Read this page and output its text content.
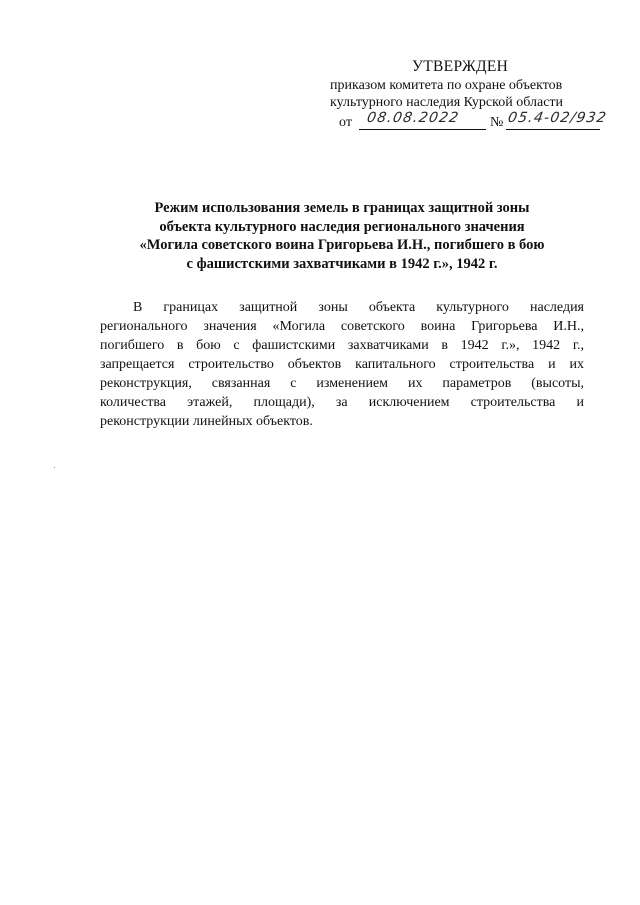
УТВЕРЖДЕН
приказом комитета по охране объектов
культурного наследия Курской области
от 08.08.2022 № 05.4-02/932
Режим использования земель в границах защитной зоны
объекта культурного наследия регионального значения
«Могила советского воина Григорьева И.Н., погибшего в бою
с фашистскими захватчиками в 1942 г.», 1942 г.
В границах защитной зоны объекта культурного наследия
регионального значения «Могила советского воина Григорьева И.Н.,
погибшего в бою с фашистскими захватчиками в 1942 г.», 1942 г.,
запрещается строительство объектов капитального строительства и их
реконструкция, связанная с изменением их параметров (высоты,
количества этажей, площади), за исключением строительства и
реконструкции линейных объектов.
